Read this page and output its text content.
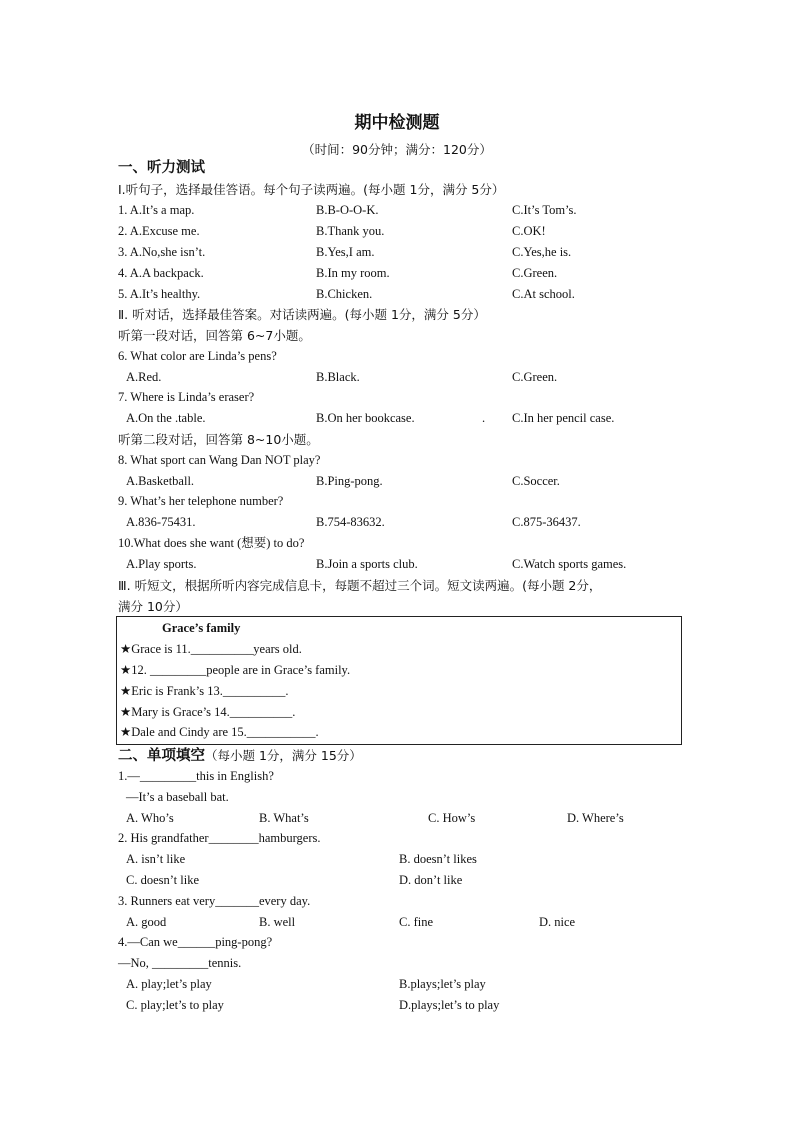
期中检测题
（时间：90分钟；满分：120分）
一、听力测试
Ⅰ.听句子，选择最佳答语。每个句子读两遍。(每小题 1分，满分 5分）
1. A.It’s a map.	B.B-O-O-K.	C.It’s Tom’s.
2. A.Excuse me.	B.Thank you.	C.OK!
3. A.No,she isn’t.	B.Yes,I am.	C.Yes,he is.
4. A.A backpack.	B.In my room.	C.Green.
5. A.It’s healthy.	B.Chicken.	C.At school.
Ⅱ. 听对话，选择最佳答案。对话读两遍。(每小题 1分，满分 5分）
听第一段对话，回答第 6~7小题。
6. What color are Linda’s pens?
A.Red.	B.Black.	C.Green.
7. Where is Linda’s eraser?
A.On the .table.	B.On her bookcase.	. C.In her pencil case.
听第二段对话，回答第 8~10小题。
8. What sport can Wang Dan NOT play?
A.Basketball.	B.Ping-pong.	C.Soccer.
9. What’s her telephone number?
A.836-75431.	B.754-83632.	C.875-36437.
10.What does she want (想要) to do?
A.Play sports.	B.Join a sports club.	C.Watch sports games.
Ⅲ. 听短文，根据所听内容完成信息卡，每题不超过三个词。短文读两遍。(每小题 2分，
满分 10分）
Grace’s family
★Grace is 11.__________years old.
★12. _________people are in Grace’s family.
★Eric is Frank’s 13.__________.
★Mary is Grace’s 14.__________.
★Dale and Cindy are 15.___________.
二、单项填空（每小题 1分，满分 15分）
1.—_________this in English?
—It’s a baseball bat.
A. Who’s	B. What’s	C. How’s	D. Where’s
2. His grandfather________hamburgers.
A. isn’t like	B. doesn’t likes
C. doesn’t like	D. don’t like
3. Runners eat very_______every day.
A. good	B. well	C. fine	D. nice
4.—Can we______ping-pong?
—No, _________tennis.
A. play;let’s play	B.plays;let’s play
C. play;let’s to play	D.plays;let’s to play
